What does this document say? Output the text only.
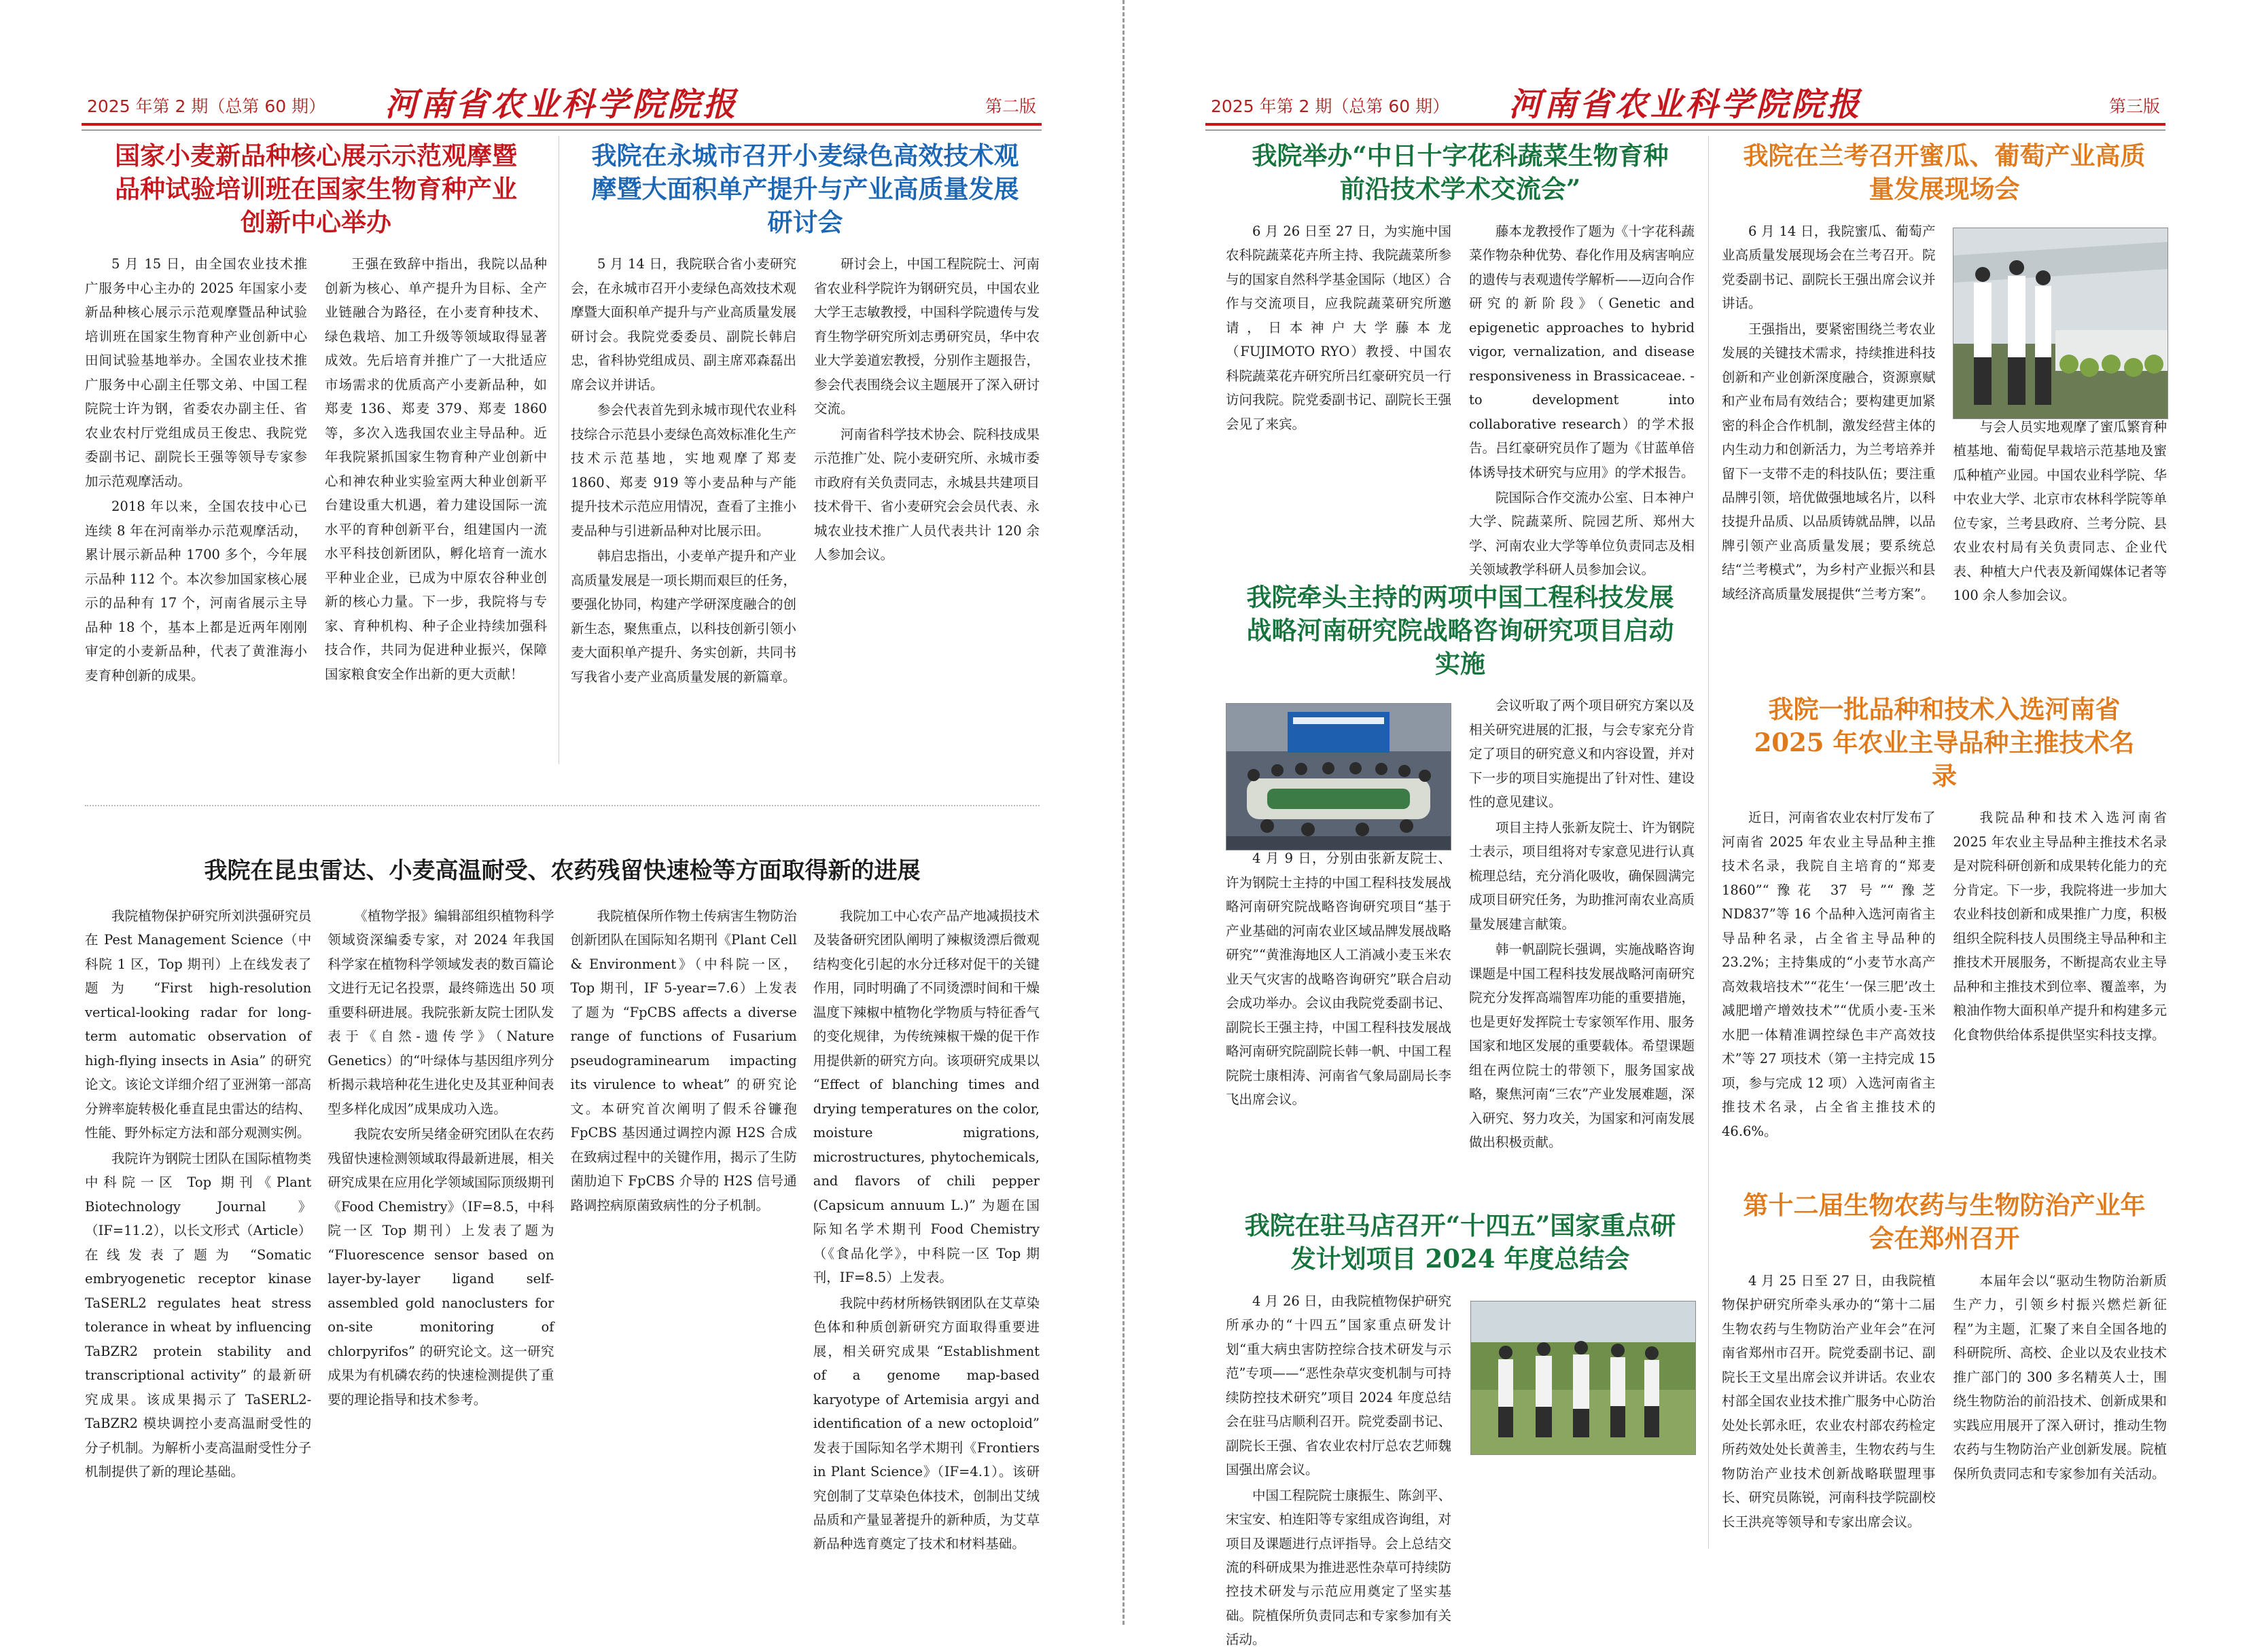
2025 年第 2 期（总第 60 期）	河南省农业科学院院报	第二版
国家小麦新品种核心展示示范观摩暨品种试验培训班在国家生物育种产业创新中心举办

5 月 15 日，由全国农业技术推广服务中心主办的 2025 年国家小麦新品种核心展示示范观摩暨品种试验培训班在国家生物育种产业创新中心田间试验基地举办。全国农业技术推广服务中心副主任鄂文弟、中国工程院院士许为钢，省委农办副主任、省农业农村厅党组成员王俊忠、我院党委副书记、副院长王强等领导专家参加示范观摩活动。

2018 年以来，全国农技中心已连续 8 年在河南举办示范观摩活动，累计展示新品种 1700 多个，今年展示品种 112 个。本次参加国家核心展示的品种有 17 个，河南省展示主导品种 18 个，基本上都是近两年刚刚审定的小麦新品种，代表了黄淮海小麦育种创新的成果。

王强在致辞中指出，我院以品种创新为核心、单产提升为目标、全产业链融合为路径，在小麦育种技术、绿色栽培、加工升级等领域取得显著成效。先后培育并推广了一大批适应市场需求的优质高产小麦新品种，如郑麦 136、郑麦 379、郑麦 1860 等，多次入选我国农业主导品种。近年我院紧抓国家生物育种产业创新中心和神农种业实验室两大种业创新平台建设重大机遇，着力建设国际一流水平的育种创新平台，组建国内一流水平科技创新团队，孵化培育一流水平种业企业，已成为中原农谷种业创新的核心力量。下一步，我院将与专家、育种机构、种子企业持续加强科技合作，共同为促进种业振兴，保障国家粮食安全作出新的更大贡献！

我院在永城市召开小麦绿色高效技术观摩暨大面积单产提升与产业高质量发展研讨会

5 月 14 日，我院联合省小麦研究会，在永城市召开小麦绿色高效技术观摩暨大面积单产提升与产业高质量发展研讨会。我院党委委员、副院长韩启忠，省科协党组成员、副主席邓森磊出席会议并讲话。

参会代表首先到永城市现代农业科技综合示范县小麦绿色高效标准化生产技术示范基地，实地观摩了郑麦 1860、郑麦 919 等小麦品种与产能提升技术示范应用情况，查看了主推小麦品种与引进新品种对比展示田。

韩启忠指出，小麦单产提升和产业高质量发展是一项长期而艰巨的任务，要强化协同，构建产学研深度融合的创新生态，聚焦重点，以科技创新引领小麦大面积单产提升、务实创新，共同书写我省小麦产业高质量发展的新篇章。

研讨会上，中国工程院院士、河南省农业科学院许为钢研究员，中国农业大学王志敏教授，中国科学院遗传与发育生物学研究所刘志勇研究员，华中农业大学姜道宏教授，分别作主题报告，参会代表围绕会议主题展开了深入研讨交流。

河南省科学技术协会、院科技成果示范推广处、院小麦研究所、永城市委市政府有关负责同志，永城县共建项目技术骨干、省小麦研究会会员代表、永城农业技术推广人员代表共计 120 余人参加会议。

我院在昆虫雷达、小麦高温耐受、农药残留快速检等方面取得新的进展

我院植物保护研究所刘洪强研究员在 Pest Management Science（中科院 1 区，Top 期刊）上在线发表了题为 “First high-resolution vertical-looking radar for long-term automatic observation of high-flying insects in Asia” 的研究论文。该论文详细介绍了亚洲第一部高分辨率旋转极化垂直昆虫雷达的结构、性能、野外标定方法和部分观测实例。

我院许为钢院士团队在国际植物类中科院一区 Top 期刊《Plant Biotechnology Journal》（IF=11.2），以长文形式（Article）在线发表了题为 “Somatic embryogenetic receptor kinase TaSERL2 regulates heat stress tolerance in wheat by influencing TaBZR2 protein stability and transcriptional activity” 的最新研究成果。该成果揭示了 TaSERL2-TaBZR2 模块调控小麦高温耐受性的分子机制。为解析小麦高温耐受性分子机制提供了新的理论基础。

《植物学报》编辑部组织植物科学领域资深编委专家，对 2024 年我国科学家在植物科学领域发表的数百篇论文进行无记名投票，最终筛选出 50 项重要科研进展。我院张新友院士团队发表于《自然-遗传学》（Nature Genetics）的“叶绿体与基因组序列分析揭示栽培种花生进化史及其亚种间表型多样化成因”成果成功入选。

我院农安所吴绪金研究团队在农药残留快速检测领域取得最新进展，相关研究成果在应用化学领域国际顶级期刊《Food Chemistry》（IF=8.5，中科院一区 Top 期刊）上发表了题为 “Fluorescence sensor based on layer-by-layer ligand self-assembled gold nanoclusters for on-site monitoring of chlorpyrifos” 的研究论文。这一研究成果为有机磷农药的快速检测提供了重要的理论指导和技术参考。

我院植保所作物土传病害生物防治创新团队在国际知名期刊《Plant Cell & Environment》（中科院一区，Top 期刊，IF 5-year=7.6）上发表了题为 “FpCBS affects a diverse range of functions of Fusarium pseudograminearum impacting its virulence to wheat” 的研究论文。本研究首次阐明了假禾谷镰孢 FpCBS 基因通过调控内源 H2S 合成在致病过程中的关键作用，揭示了生防菌肋迫下 FpCBS 介导的 H2S 信号通路调控病原菌致病性的分子机制。

我院加工中心农产品产地减损技术及装备研究团队阐明了辣椒烫漂后微观结构变化引起的水分迁移对促干的关键作用，同时明确了不同烫漂时间和干燥温度下辣椒中植物化学物质与特征香气的变化规律，为传统辣椒干燥的促干作用提供新的研究方向。该项研究成果以 “Effect of blanching times and drying temperatures on the color, moisture migrations, microstructures, phytochemicals, and flavors of chili pepper (Capsicum annuum L.)” 为题在国际知名学术期刊 Food Chemistry（《食品化学》，中科院一区 Top 期刊，IF=8.5）上发表。

我院中药材所杨铁钢团队在艾草染色体和种质创新研究方面取得重要进展，相关研究成果 “Establishment of a genome map-based karyotype of Artemisia argyi and identification of a new octoploid” 发表于国际知名学术期刊《Frontiers in Plant Science》（IF=4.1）。该研究创制了艾草染色体技术，创制出艾绒品质和产量显著提升的新种质，为艾草新品种选育奠定了技术和材料基础。

2025 年第 2 期（总第 60 期）	河南省农业科学院院报	第三版
我院举办“中日十字花科蔬菜生物育种前沿技术学术交流会”

6 月 26 日至 27 日，为实施中国农科院蔬菜花卉所主持、我院蔬菜所参与的国家自然科学基金国际（地区）合作与交流项目，应我院蔬菜研究所邀请，日本神户大学藤本龙（FUJIMOTO RYO）教授、中国农科院蔬菜花卉研究所吕红豪研究员一行访问我院。院党委副书记、副院长王强会见了来宾。

藤本龙教授作了题为《十字花科蔬菜作物杂种优势、春化作用及病害响应的遗传与表观遗传学解析——迈向合作研究的新阶段》（Genetic and epigenetic approaches to hybrid vigor, vernalization, and disease responsiveness in Brassicaceae. - to development into collaborative research）的学术报告。吕红豪研究员作了题为《甘蓝单倍体诱导技术研究与应用》的学术报告。

院国际合作交流办公室、日本神户大学、院蔬菜所、院园艺所、郑州大学、河南农业大学等单位负责同志及相关领域教学科研人员参加会议。

我院牵头主持的两项中国工程科技发展战略河南研究院战略咨询研究项目启动实施

4 月 9 日，分别由张新友院士、许为钢院士主持的中国工程科技发展战略河南研究院战略咨询研究项目“基于产业基础的河南农业区域品牌发展战略研究”“黄淮海地区人工消减小麦玉米农业天气灾害的战略咨询研究”联合启动会成功举办。会议由我院党委副书记、副院长王强主持，中国工程科技发展战略河南研究院副院长韩一帆、中国工程院院士康相涛、河南省气象局副局长李飞出席会议。

会议听取了两个项目研究方案以及相关研究进展的汇报，与会专家充分肯定了项目的研究意义和内容设置，并对下一步的项目实施提出了针对性、建设性的意见建议。

项目主持人张新友院士、许为钢院士表示，项目组将对专家意见进行认真梳理总结，充分消化吸收，确保圆满完成项目研究任务，为助推河南农业高质量发展建言献策。

韩一帆副院长强调，实施战略咨询课题是中国工程科技发展战略河南研究院充分发挥高端智库功能的重要措施，也是更好发挥院士专家领军作用、服务国家和地区发展的重要载体。希望课题组在两位院士的带领下，服务国家战略，聚焦河南“三农”产业发展难题，深入研究、努力攻关，为国家和河南发展做出积极贡献。

我院在驻马店召开“十四五”国家重点研发计划项目 2024 年度总结会

4 月 26 日，由我院植物保护研究所承办的“十四五”国家重点研发计划“重大病虫害防控综合技术研发与示范”专项——“恶性杂草灾变机制与可持续防控技术研究”项目 2024 年度总结会在驻马店顺利召开。院党委副书记、副院长王强、省农业农村厅总农艺师魏国强出席会议。

中国工程院院士康振生、陈剑平、宋宝安、柏连阳等专家组成咨询组，对项目及课题进行点评指导。会上总结交流的科研成果为推进恶性杂草可持续防控技术研发与示范应用奠定了坚实基础。院植保所负责同志和专家参加有关活动。

我院在兰考召开蜜瓜、葡萄产业高质量发展现场会

6 月 14 日，我院蜜瓜、葡萄产业高质量发展现场会在兰考召开。院党委副书记、副院长王强出席会议并讲话。

王强指出，要紧密围绕兰考农业发展的关键技术需求，持续推进科技创新和产业创新深度融合，资源禀赋和产业布局有效结合；要构建更加紧密的科企合作机制，激发经营主体的内生动力和创新活力，为兰考培养并留下一支带不走的科技队伍；要注重品牌引领，培优做强地域名片，以科技提升品质、以品质铸就品牌，以品牌引领产业高质量发展；要系统总结“兰考模式”，为乡村产业振兴和县域经济高质量发展提供“兰考方案”。

与会人员实地观摩了蜜瓜繁育种植基地、葡萄促早栽培示范基地及蜜瓜种植产业园。中国农业科学院、华中农业大学、北京市农林科学院等单位专家，兰考县政府、兰考分院、县农业农村局有关负责同志、企业代表、种植大户代表及新闻媒体记者等 100 余人参加会议。

我院一批品种和技术入选河南省2025 年农业主导品种主推技术名录

近日，河南省农业农村厅发布了河南省 2025 年农业主导品种主推技术名录，我院自主培育的“郑麦 1860”“豫花 37 号”“豫芝 ND837”等 16 个品种入选河南省主导品种名录，占全省主导品种的 23.2%；主持集成的“小麦节水高产高效栽培技术”“花生‘一保三肥’改土减肥增产增效技术”“优质小麦-玉米水肥一体精准调控绿色丰产高效技术”等 27 项技术（第一主持完成 15 项，参与完成 12 项）入选河南省主推技术名录，占全省主推技术的 46.6%。

我院品种和技术入选河南省 2025 年农业主导品种主推技术名录是对院科研创新和成果转化能力的充分肯定。下一步，我院将进一步加大农业科技创新和成果推广力度，积极组织全院科技人员围绕主导品种和主推技术开展服务，不断提高农业主导品种和主推技术到位率、覆盖率，为粮油作物大面积单产提升和构建多元化食物供给体系提供坚实科技支撑。

第十二届生物农药与生物防治产业年会在郑州召开

4 月 25 日至 27 日，由我院植物保护研究所牵头承办的“第十二届生物农药与生物防治产业年会”在河南省郑州市召开。院党委副书记、副院长王文星出席会议并讲话。农业农村部全国农业技术推广服务中心防治处处长郭永旺，农业农村部农药检定所药效处处长黄善圭，生物农药与生物防治产业技术创新战略联盟理事长、研究员陈锐，河南科技学院副校长王洪亮等领导和专家出席会议。

本届年会以“驱动生物防治新质生产力，引领乡村振兴燃烂新征程”为主题，汇聚了来自全国各地的科研院所、高校、企业以及农业技术推广部门的 300 多名精英人士，围绕生物防治的前沿技术、创新成果和实践应用展开了深入研讨，推动生物农药与生物防治产业创新发展。院植保所负责同志和专家参加有关活动。
